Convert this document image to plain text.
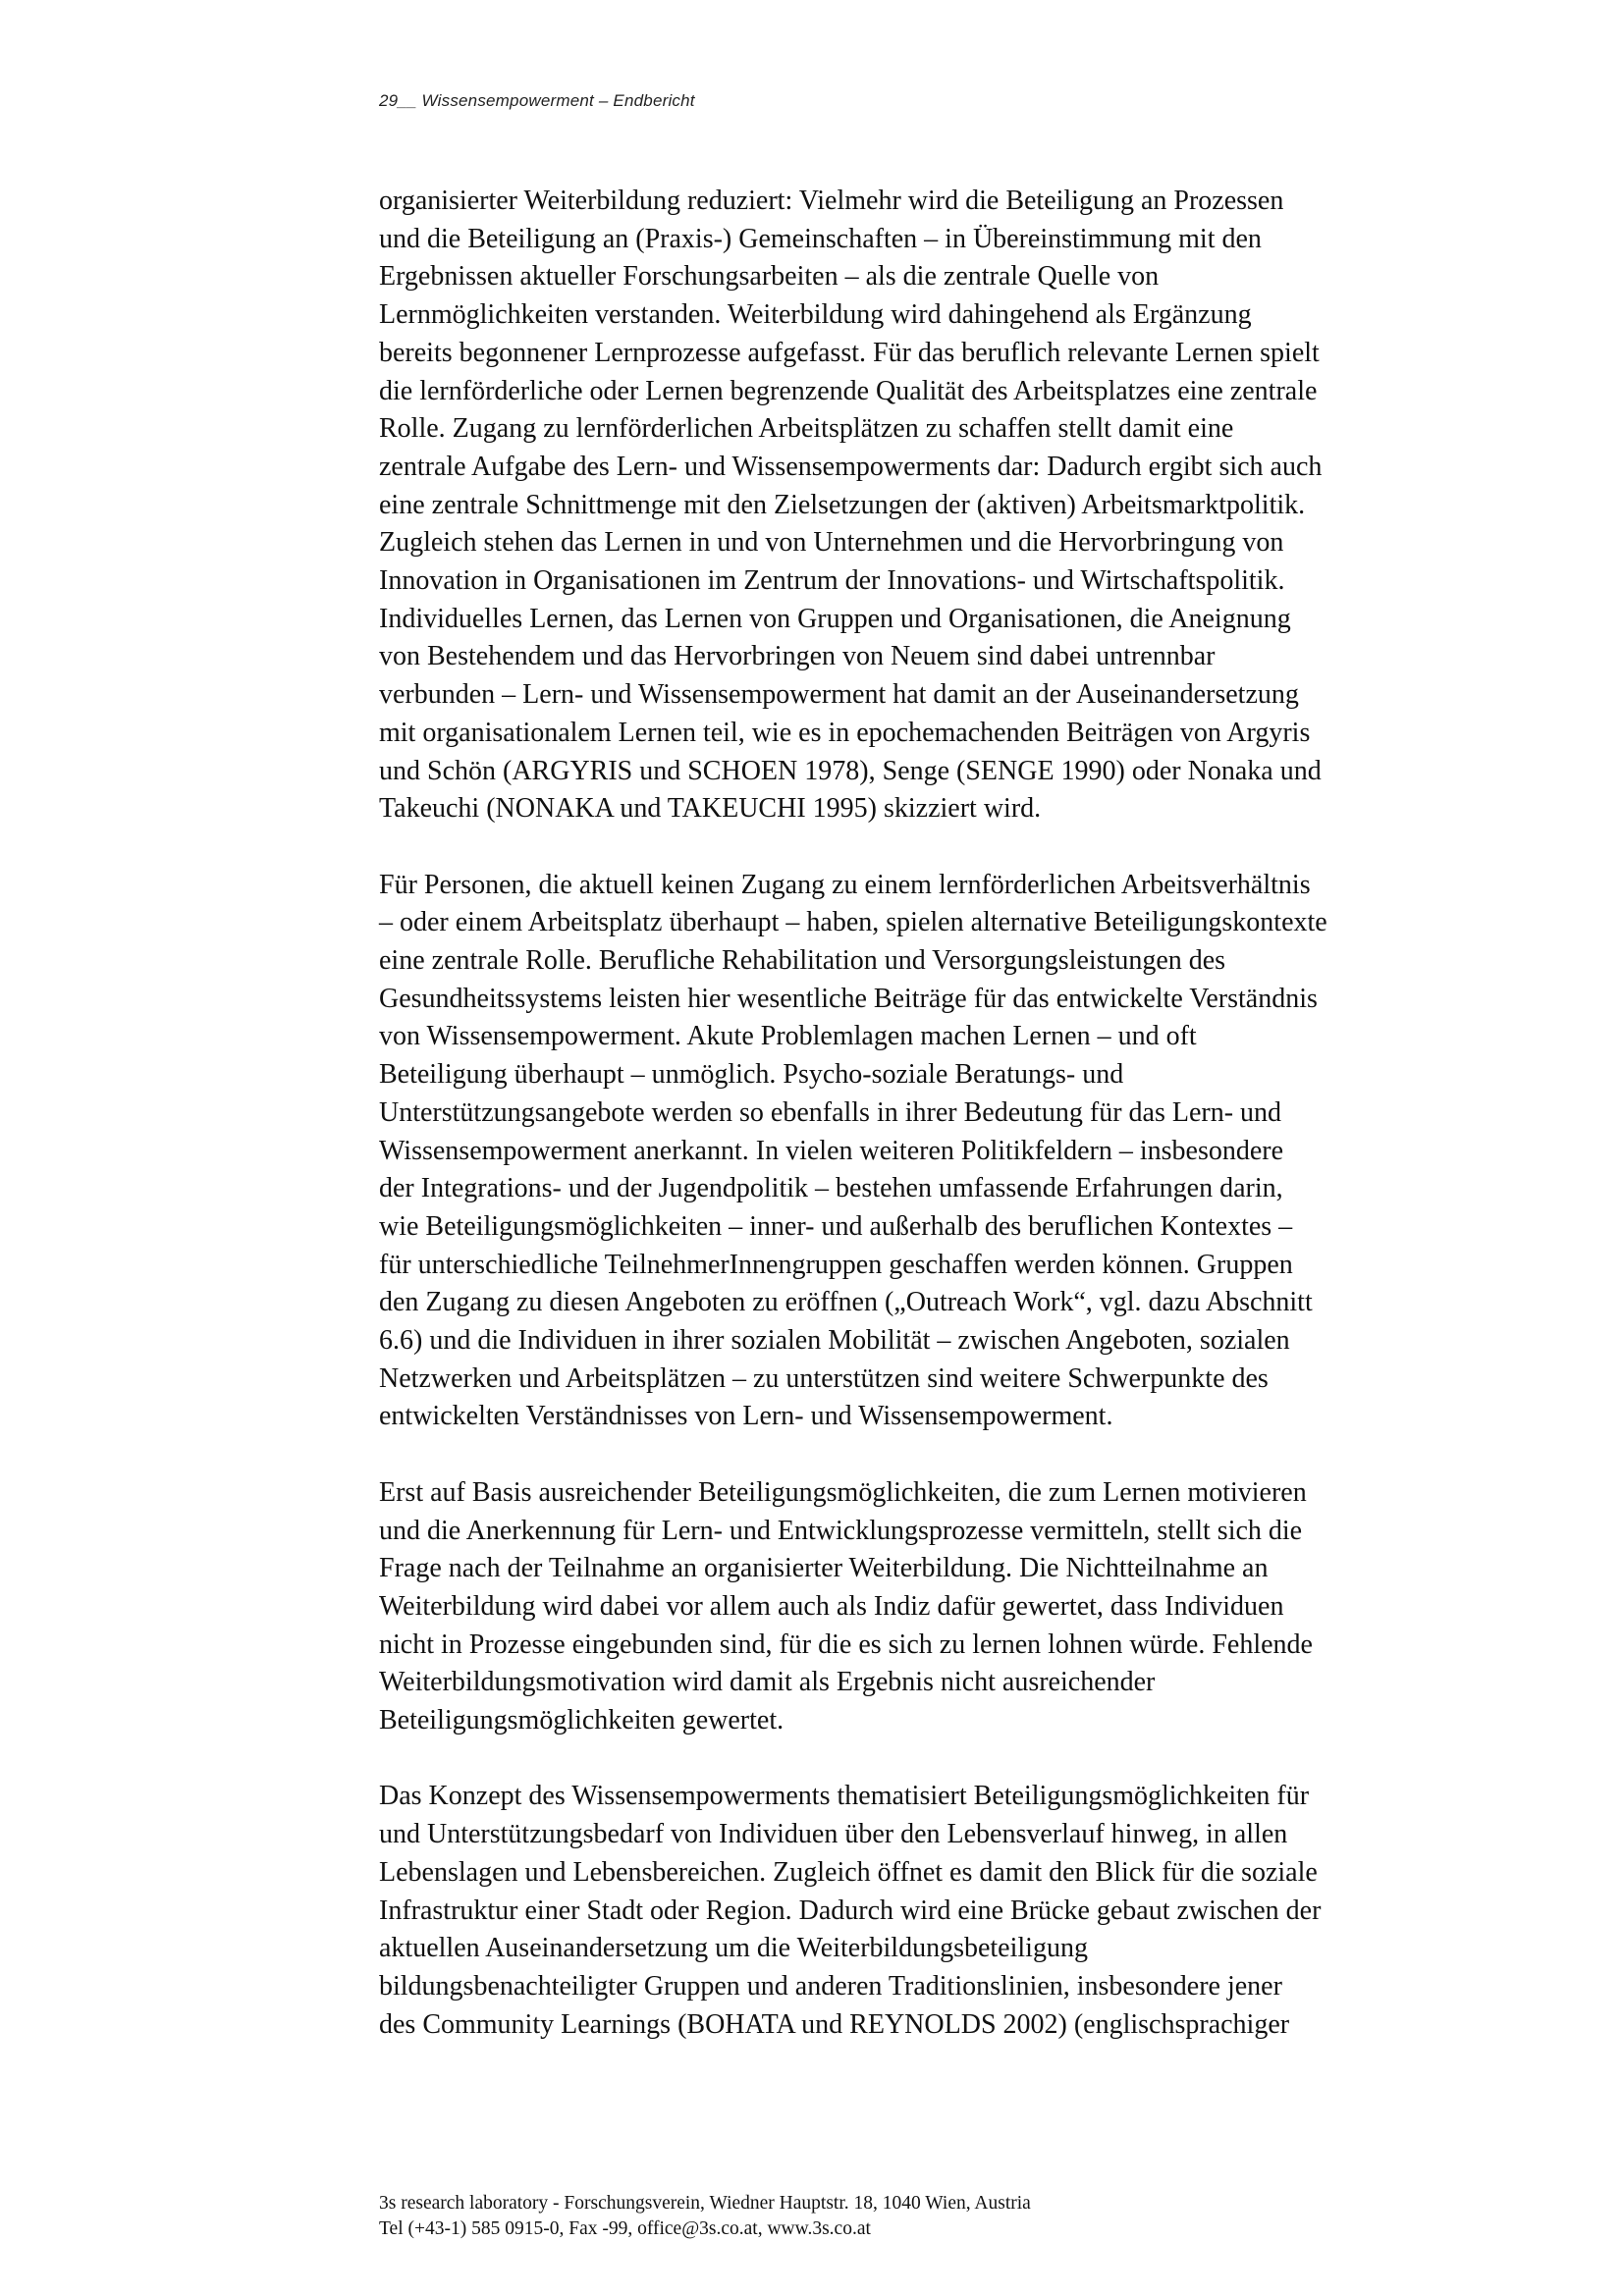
29__ Wissensempowerment – Endbericht
organisierter Weiterbildung reduziert: Vielmehr wird die Beteiligung an Prozessen
und die Beteiligung an (Praxis-) Gemeinschaften – in Übereinstimmung mit den
Ergebnissen aktueller Forschungsarbeiten – als die zentrale Quelle von
Lernmöglichkeiten verstanden. Weiterbildung wird dahingehend als Ergänzung
bereits begonnener Lernprozesse aufgefasst. Für das beruflich relevante Lernen spielt
die lernförderliche oder Lernen begrenzende Qualität des Arbeitsplatzes eine zentrale
Rolle. Zugang zu lernförderlichen Arbeitsplätzen zu schaffen stellt damit eine
zentrale Aufgabe des Lern- und Wissensempowerments dar: Dadurch ergibt sich auch
eine zentrale Schnittmenge mit den Zielsetzungen der (aktiven) Arbeitsmarktpolitik.
Zugleich stehen das Lernen in und von Unternehmen und die Hervorbringung von
Innovation in Organisationen im Zentrum der Innovations- und Wirtschaftspolitik.
Individuelles Lernen, das Lernen von Gruppen und Organisationen, die Aneignung
von Bestehendem und das Hervorbringen von Neuem sind dabei untrennbar
verbunden – Lern- und Wissensempowerment hat damit an der Auseinandersetzung
mit organisationalem Lernen teil, wie es in epochemachenden Beiträgen von Argyris
und Schön (ARGYRIS und SCHOEN 1978), Senge (SENGE 1990) oder Nonaka und
Takeuchi (NONAKA und TAKEUCHI 1995) skizziert wird.
Für Personen, die aktuell keinen Zugang zu einem lernförderlichen Arbeitsverhältnis
– oder einem Arbeitsplatz überhaupt – haben, spielen alternative Beteiligungskontexte
eine zentrale Rolle. Berufliche Rehabilitation und Versorgungsleistungen des
Gesundheitssystems leisten hier wesentliche Beiträge für das entwickelte Verständnis
von Wissensempowerment. Akute Problemlagen machen Lernen – und oft
Beteiligung überhaupt – unmöglich. Psycho-soziale Beratungs- und
Unterstützungsangebote werden so ebenfalls in ihrer Bedeutung für das Lern- und
Wissensempowerment anerkannt. In vielen weiteren Politikfeldern – insbesondere
der Integrations- und der Jugendpolitik – bestehen umfassende Erfahrungen darin,
wie Beteiligungsmöglichkeiten – inner- und außerhalb des beruflichen Kontextes –
für unterschiedliche TeilnehmerInnengruppen geschaffen werden können. Gruppen
den Zugang zu diesen Angeboten zu eröffnen („Outreach Work“, vgl. dazu Abschnitt
6.6) und die Individuen in ihrer sozialen Mobilität – zwischen Angeboten, sozialen
Netzwerken und Arbeitsplätzen – zu unterstützen sind weitere Schwerpunkte des
entwickelten Verständnisses von Lern- und Wissensempowerment.
Erst auf Basis ausreichender Beteiligungsmöglichkeiten, die zum Lernen motivieren
und die Anerkennung für Lern- und Entwicklungsprozesse vermitteln, stellt sich die
Frage nach der Teilnahme an organisierter Weiterbildung. Die Nichtteilnahme an
Weiterbildung wird dabei vor allem auch als Indiz dafür gewertet, dass Individuen
nicht in Prozesse eingebunden sind, für die es sich zu lernen lohnen würde. Fehlende
Weiterbildungsmotivation wird damit als Ergebnis nicht ausreichender
Beteiligungsmöglichkeiten gewertet.
Das Konzept des Wissensempowerments thematisiert Beteiligungsmöglichkeiten für
und Unterstützungsbedarf von Individuen über den Lebensverlauf hinweg, in allen
Lebenslagen und Lebensbereichen. Zugleich öffnet es damit den Blick für die soziale
Infrastruktur einer Stadt oder Region. Dadurch wird eine Brücke gebaut zwischen der
aktuellen Auseinandersetzung um die Weiterbildungsbeteiligung
bildungsbenachteiligter Gruppen und anderen Traditionslinien, insbesondere jener
des Community Learnings (BOHATA und REYNOLDS 2002) (englischsprachiger
3s research laboratory - Forschungsverein, Wiedner Hauptstr. 18, 1040 Wien, Austria
Tel (+43-1) 585 0915-0, Fax -99, office@3s.co.at, www.3s.co.at
